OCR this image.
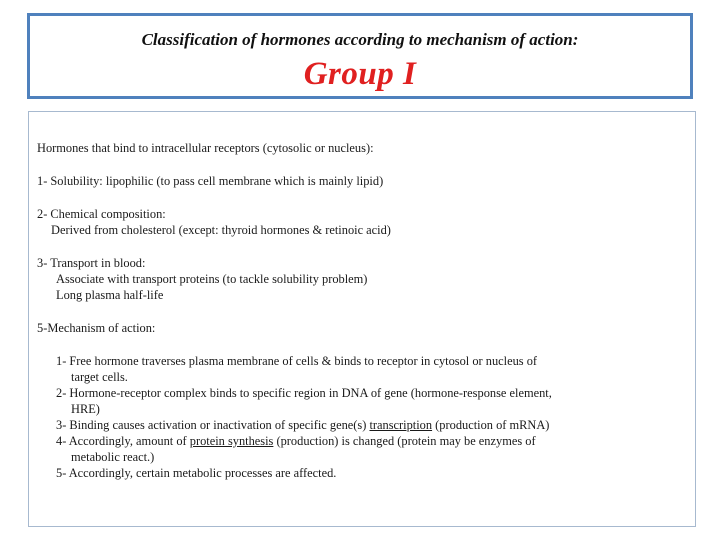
Classification of hormones according to mechanism of action:
Group I

Hormones that bind to intracellular receptors (cytosolic or nucleus):

1- Solubility: lipophilic (to pass cell membrane which is mainly lipid)

2- Chemical composition:

Derived from cholesterol (except: thyroid hormones & retinoic acid)

3- Transport in blood:

Associate with transport proteins (to tackle solubility problem)

Long plasma half-life

5-Mechanism of action:

1- Free hormone traverses plasma membrane of cells & binds to receptor in cytosol or nucleus of

target cells.

2- Hormone-receptor complex binds to specific region in DNA of gene (hormone-response element,

HRE)

3- Binding causes activation or inactivation of specific gene(s) transcription (production of mRNA)

4- Accordingly, amount of protein synthesis (production) is changed (protein may be enzymes of

metabolic react.)

5- Accordingly, certain metabolic processes are affected.
